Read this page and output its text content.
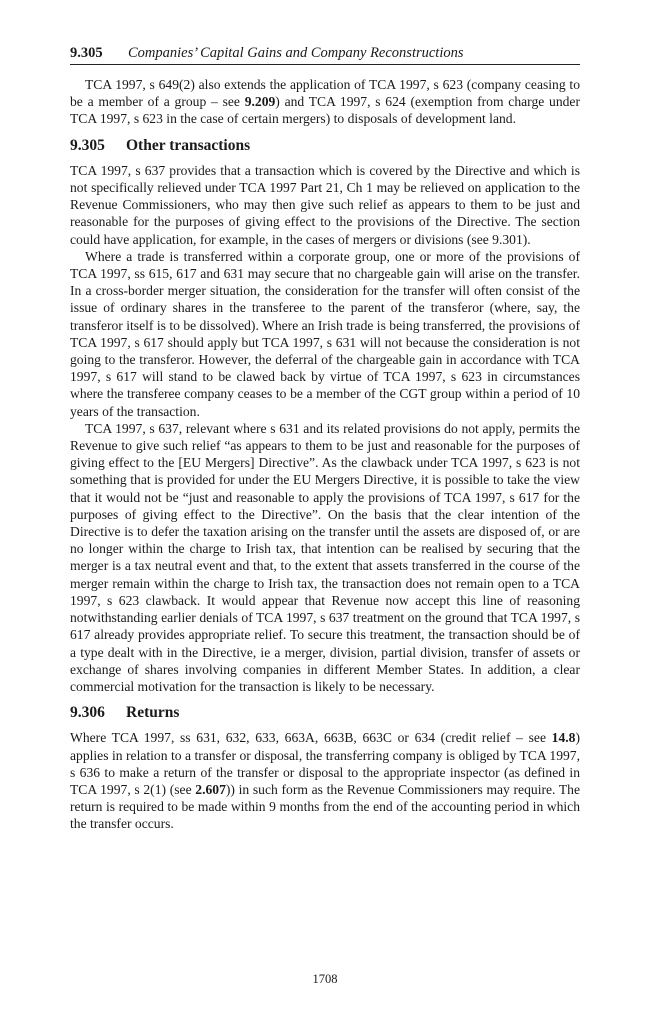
9.305	Companies’ Capital Gains and Company Reconstructions

TCA 1997, s 649(2) also extends the application of TCA 1997, s 623 (company ceasing to be a member of a group – see 9.209) and TCA 1997, s 624 (exemption from charge under TCA 1997, s 623 in the case of certain mergers) to disposals of development land.

9.305	Other transactions

TCA 1997, s 637 provides that a transaction which is covered by the Directive and which is not specifically relieved under TCA 1997 Part 21, Ch 1 may be relieved on application to the Revenue Commissioners, who may then give such relief as appears to them to be just and reasonable for the purposes of giving effect to the provisions of the Directive. The section could have application, for example, in the cases of mergers or divisions (see 9.301).

Where a trade is transferred within a corporate group, one or more of the provisions of TCA 1997, ss 615, 617 and 631 may secure that no chargeable gain will arise on the transfer. In a cross-border merger situation, the consideration for the transfer will often consist of the issue of ordinary shares in the transferee to the parent of the transferor (where, say, the transferor itself is to be dissolved). Where an Irish trade is being transferred, the provisions of TCA 1997, s 617 should apply but TCA 1997, s 631 will not because the consideration is not going to the transferor. However, the deferral of the chargeable gain in accordance with TCA 1997, s 617 will stand to be clawed back by virtue of TCA 1997, s 623 in circumstances where the transferee company ceases to be a member of the CGT group within a period of 10 years of the transaction.

TCA 1997, s 637, relevant where s 631 and its related provisions do not apply, permits the Revenue to give such relief “as appears to them to be just and reasonable for the purposes of giving effect to the [EU Mergers] Directive”. As the clawback under TCA 1997, s 623 is not something that is provided for under the EU Mergers Directive, it is possible to take the view that it would not be “just and reasonable to apply the provisions of TCA 1997, s 617 for the purposes of giving effect to the Directive”. On the basis that the clear intention of the Directive is to defer the taxation arising on the transfer until the assets are disposed of, or are no longer within the charge to Irish tax, that intention can be realised by securing that the merger is a tax neutral event and that, to the extent that assets transferred in the course of the merger remain within the charge to Irish tax, the transaction does not remain open to a TCA 1997, s 623 clawback. It would appear that Revenue now accept this line of reasoning notwithstanding earlier denials of TCA 1997, s 637 treatment on the ground that TCA 1997, s 617 already provides appropriate relief. To secure this treatment, the transaction should be of a type dealt with in the Directive, ie a merger, division, partial division, transfer of assets or exchange of shares involving companies in different Member States. In addition, a clear commercial motivation for the transaction is likely to be necessary.

9.306	Returns

Where TCA 1997, ss 631, 632, 633, 663A, 663B, 663C or 634 (credit relief – see 14.8) applies in relation to a transfer or disposal, the transferring company is obliged by TCA 1997, s 636 to make a return of the transfer or disposal to the appropriate inspector (as defined in TCA 1997, s 2(1) (see 2.607)) in such form as the Revenue Commissioners may require. The return is required to be made within 9 months from the end of the accounting period in which the transfer occurs.

1708
